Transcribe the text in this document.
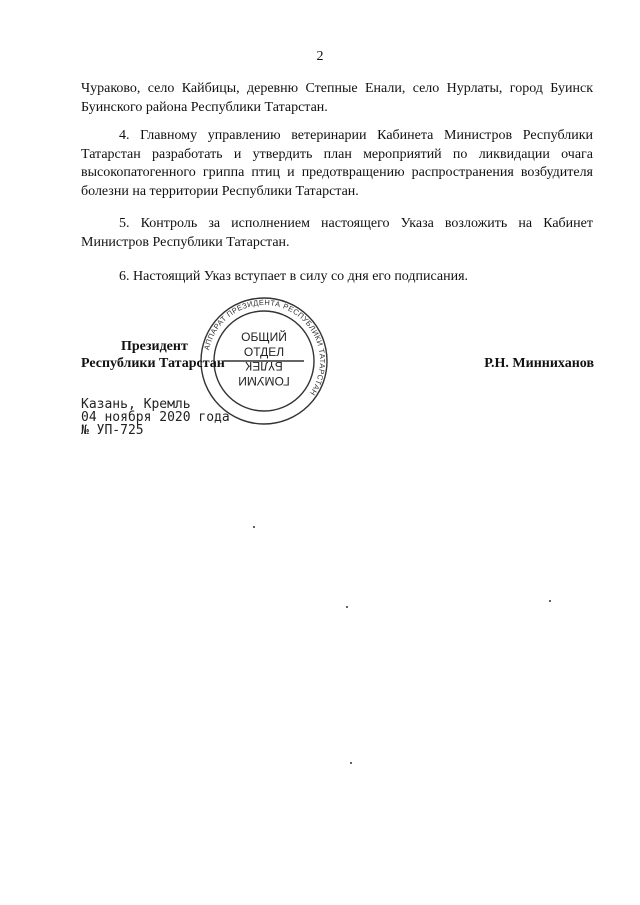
2

Чураково, село Кайбицы, деревню Степные Енали, село Нурлаты, город Буинск Буинского района Республики Татарстан.

4. Главному управлению ветеринарии Кабинета Министров Республики Татарстан разработать и утвердить план мероприятий по ликвидации очага высокопатогенного гриппа птиц и предотвращению распространения возбудителя болезни на территории Республики Татарстан.

5. Контроль за исполнением настоящего Указа возложить на Кабинет Министров Республики Татарстан.

6. Настоящий Указ вступает в силу со дня его подписания.

АППАРАТ ПРЕЗИДЕНТА РЕСПУБЛИКИ ТАТАРСТАН
ОБЩИЙ
ОТДЕЛ
БҮЛЕК
ГОМУМИ
Президент
Республики Татарстан	Р.Н. Минниханов
Казань, Кремль
04 ноября 2020 года
№ УП-725
